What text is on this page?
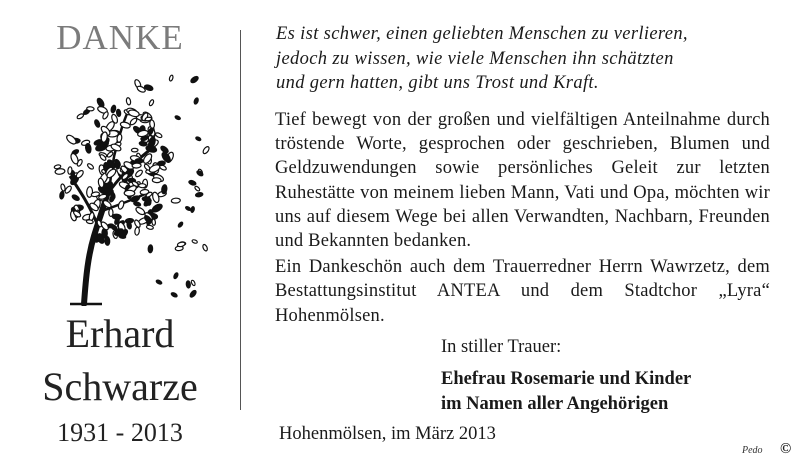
DANKE
Erhard
Schwarze
1931 - 2013
Es ist schwer, einen geliebten Menschen zu verlieren,
jedoch zu wissen, wie viele Menschen ihn schätzten
und gern hatten, gibt uns Trost und Kraft.

Tief bewegt von der großen und vielfältigen Anteilnahme durch tröstende Worte, gesprochen oder geschrieben, Blumen und Geldzuwendungen sowie persönliches Geleit zur letzten Ruhestätte von meinem lieben Mann, Vati und Opa, möchten wir uns auf diesem Wege bei allen Verwandten, Nachbarn, Freunden und Bekannten bedanken.

Ein Dankeschön auch dem Trauerredner Herrn Wawrzetz, dem Bestattungsinstitut ANTEA und dem Stadtchor „Lyra“ Hohenmölsen.

In stiller Trauer:
Ehefrau Rosemarie und Kinder
im Namen aller Angehörigen
Hohenmölsen, im März 2013
Pedo ©
